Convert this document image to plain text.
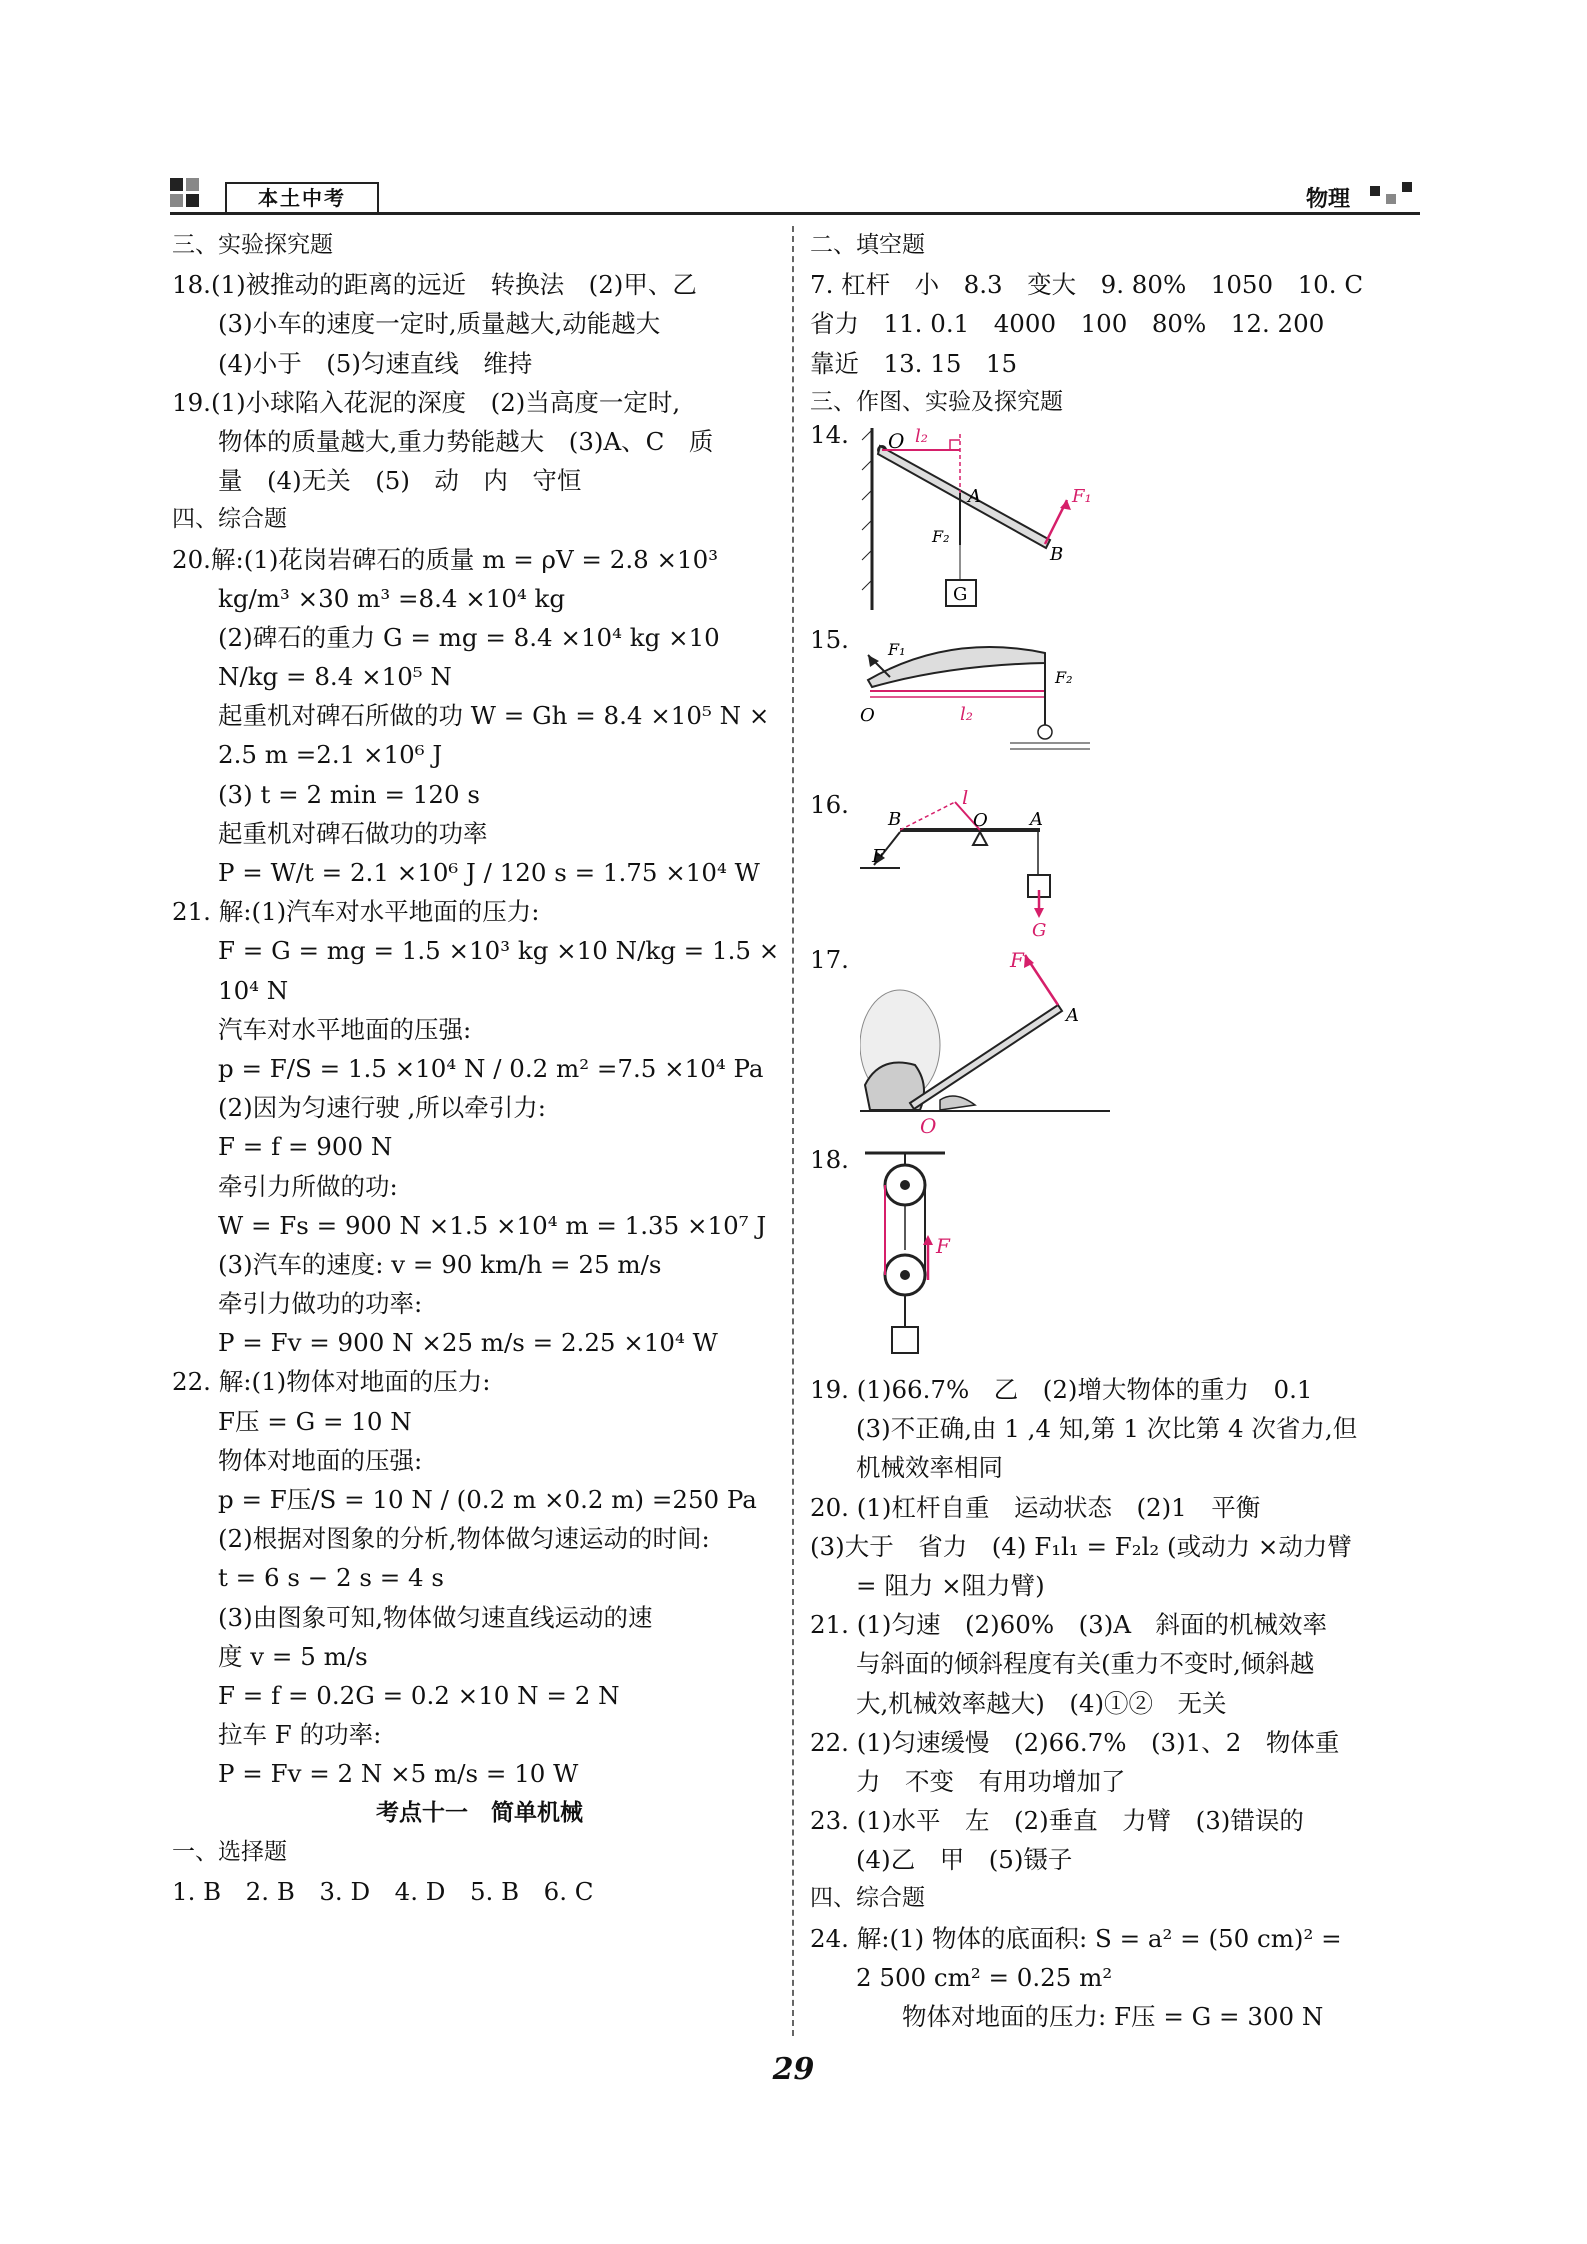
本土中考	物理
三、实验探究题
18.(1)被推动的距离的远近　转换法　(2)甲、乙
(3)小车的速度一定时,质量越大,动能越大
(4)小于　(5)匀速直线　维持
19.(1)小球陷入花泥的深度　(2)当高度一定时,
物体的质量越大,重力势能越大　(3)A、C　质
量　(4)无关　(5)　动　内　守恒
四、综合题
20.解:(1)花岗岩碑石的质量 m = ρV = 2.8 ×10³
kg/m³ ×30 m³ =8.4 ×10⁴ kg
(2)碑石的重力 G = mg = 8.4 ×10⁴ kg ×10
N/kg = 8.4 ×10⁵ N
起重机对碑石所做的功 W = Gh = 8.4 ×10⁵ N ×
2.5 m =2.1 ×10⁶ J
(3) t = 2 min = 120 s
起重机对碑石做功的功率
P = W/t = 2.1 ×10⁶ J / 120 s = 1.75 ×10⁴ W
21. 解:(1)汽车对水平地面的压力:
F = G = mg = 1.5 ×10³ kg ×10 N/kg = 1.5 ×
10⁴ N
汽车对水平地面的压强:
p = F/S = 1.5 ×10⁴ N / 0.2 m² =7.5 ×10⁴ Pa
(2)因为匀速行驶 ,所以牵引力:
F = f = 900 N
牵引力所做的功:
W = Fs = 900 N ×1.5 ×10⁴ m = 1.35 ×10⁷ J
(3)汽车的速度: v = 90 km/h = 25 m/s
牵引力做功的功率:
P = Fv = 900 N ×25 m/s = 2.25 ×10⁴ W
22. 解:(1)物体对地面的压力:
F压 = G = 10 N
物体对地面的压强:
p = F压/S = 10 N / (0.2 m ×0.2 m) =250 Pa
(2)根据对图象的分析,物体做匀速运动的时间:
t = 6 s − 2 s = 4 s
(3)由图象可知,物体做匀速直线运动的速
度 v = 5 m/s
F = f = 0.2G = 0.2 ×10 N = 2 N
拉车 F 的功率:
P = Fv = 2 N ×5 m/s = 10 W
考点十一　简单机械
一、选择题
1. B　2. B　3. D　4. D　5. B　6. C
二、填空题
7. 杠杆　小　8.3　变大　9. 80%　1050　10. C
省力　11. 0.1　4000　100　80%　12. 200
靠近　13. 15　15
三、作图、实验及探究题
14. O l₂
A	F₁
F₂
B
G
15. F₁
O
F₂
l₂
16.
B
l
O A
F
G
17.	F
A
O
18.
F
19. (1)66.7%　乙　(2)增大物体的重力　0.1
(3)不正确,由 1 ,4 知,第 1 次比第 4 次省力,但
机械效率相同
20. (1)杠杆自重　运动状态　(2)1　平衡
(3)大于　省力　(4) F₁l₁ = F₂l₂ (或动力 ×动力臂
= 阻力 ×阻力臂)
21. (1)匀速　(2)60%　(3)A　斜面的机械效率
与斜面的倾斜程度有关(重力不变时,倾斜越
大,机械效率越大)　(4)①②　无关
22. (1)匀速缓慢　(2)66.7%　(3)1、2　物体重
力　不变　有用功增加了
23. (1)水平　左　(2)垂直　力臂　(3)错误的
(4)乙　甲　(5)镊子
四、综合题
24. 解:(1) 物体的底面积: S = a² = (50 cm)² =
2 500 cm² = 0.25 m²
物体对地面的压力: F压 = G = 300 N
29
